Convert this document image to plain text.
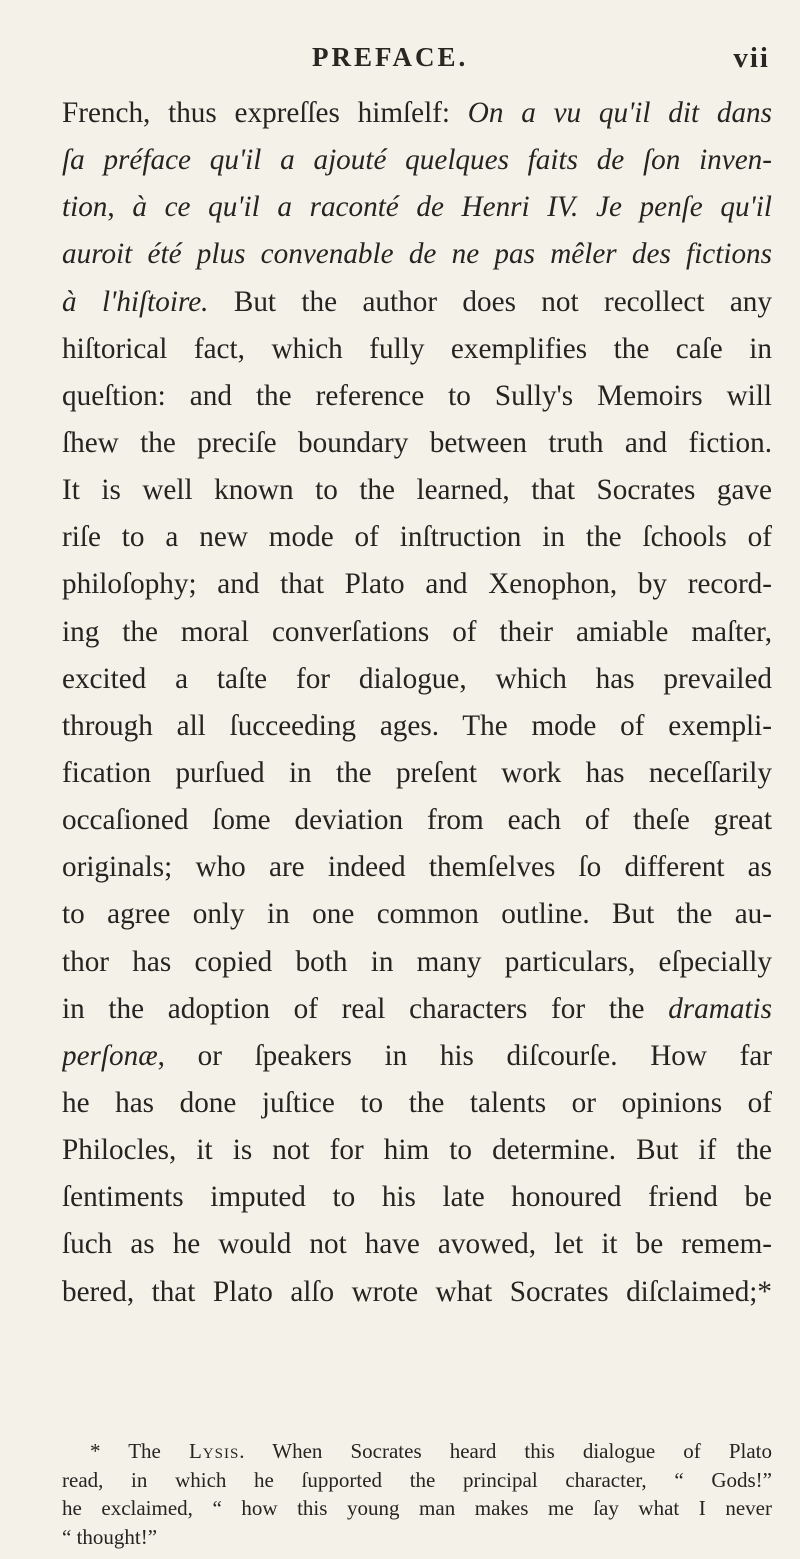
PREFACE.	vii
French, thus expreſſes himſelf: On a vu qu'il dit dans
ſa préface qu'il a ajouté quelques faits de ſon inven-
tion, à ce qu'il a raconté de Henri IV. Je penſe qu'il
auroit été plus convenable de ne pas mêler des fictions
à l'hiſtoire. But the author does not recollect any
hiſtorical fact, which fully exemplifies the caſe in
queſtion: and the reference to Sully's Memoirs will
ſhew the preciſe boundary between truth and fiction.
It is well known to the learned, that Socrates gave
riſe to a new mode of inſtruction in the ſchools of
philoſophy; and that Plato and Xenophon, by record-
ing the moral converſations of their amiable maſter,
excited a taſte for dialogue, which has prevailed
through all ſucceeding ages. The mode of exempli-
fication purſued in the preſent work has neceſſarily
occaſioned ſome deviation from each of theſe great
originals; who are indeed themſelves ſo different as
to agree only in one common outline. But the au-
thor has copied both in many particulars, eſpecially
in the adoption of real characters for the dramatis
perſonæ, or ſpeakers in his diſcourſe. How far
he has done juſtice to the talents or opinions of
Philocles, it is not for him to determine. But if the
ſentiments imputed to his late honoured friend be
ſuch as he would not have avowed, let it be remem-
bered, that Plato alſo wrote what Socrates diſclaimed;*
* The Lysis. When Socrates heard this dialogue of Plato
read, in which he ſupported the principal character, “ Gods!”
he exclaimed, “ how this young man makes me ſay what I never
“ thought!”
